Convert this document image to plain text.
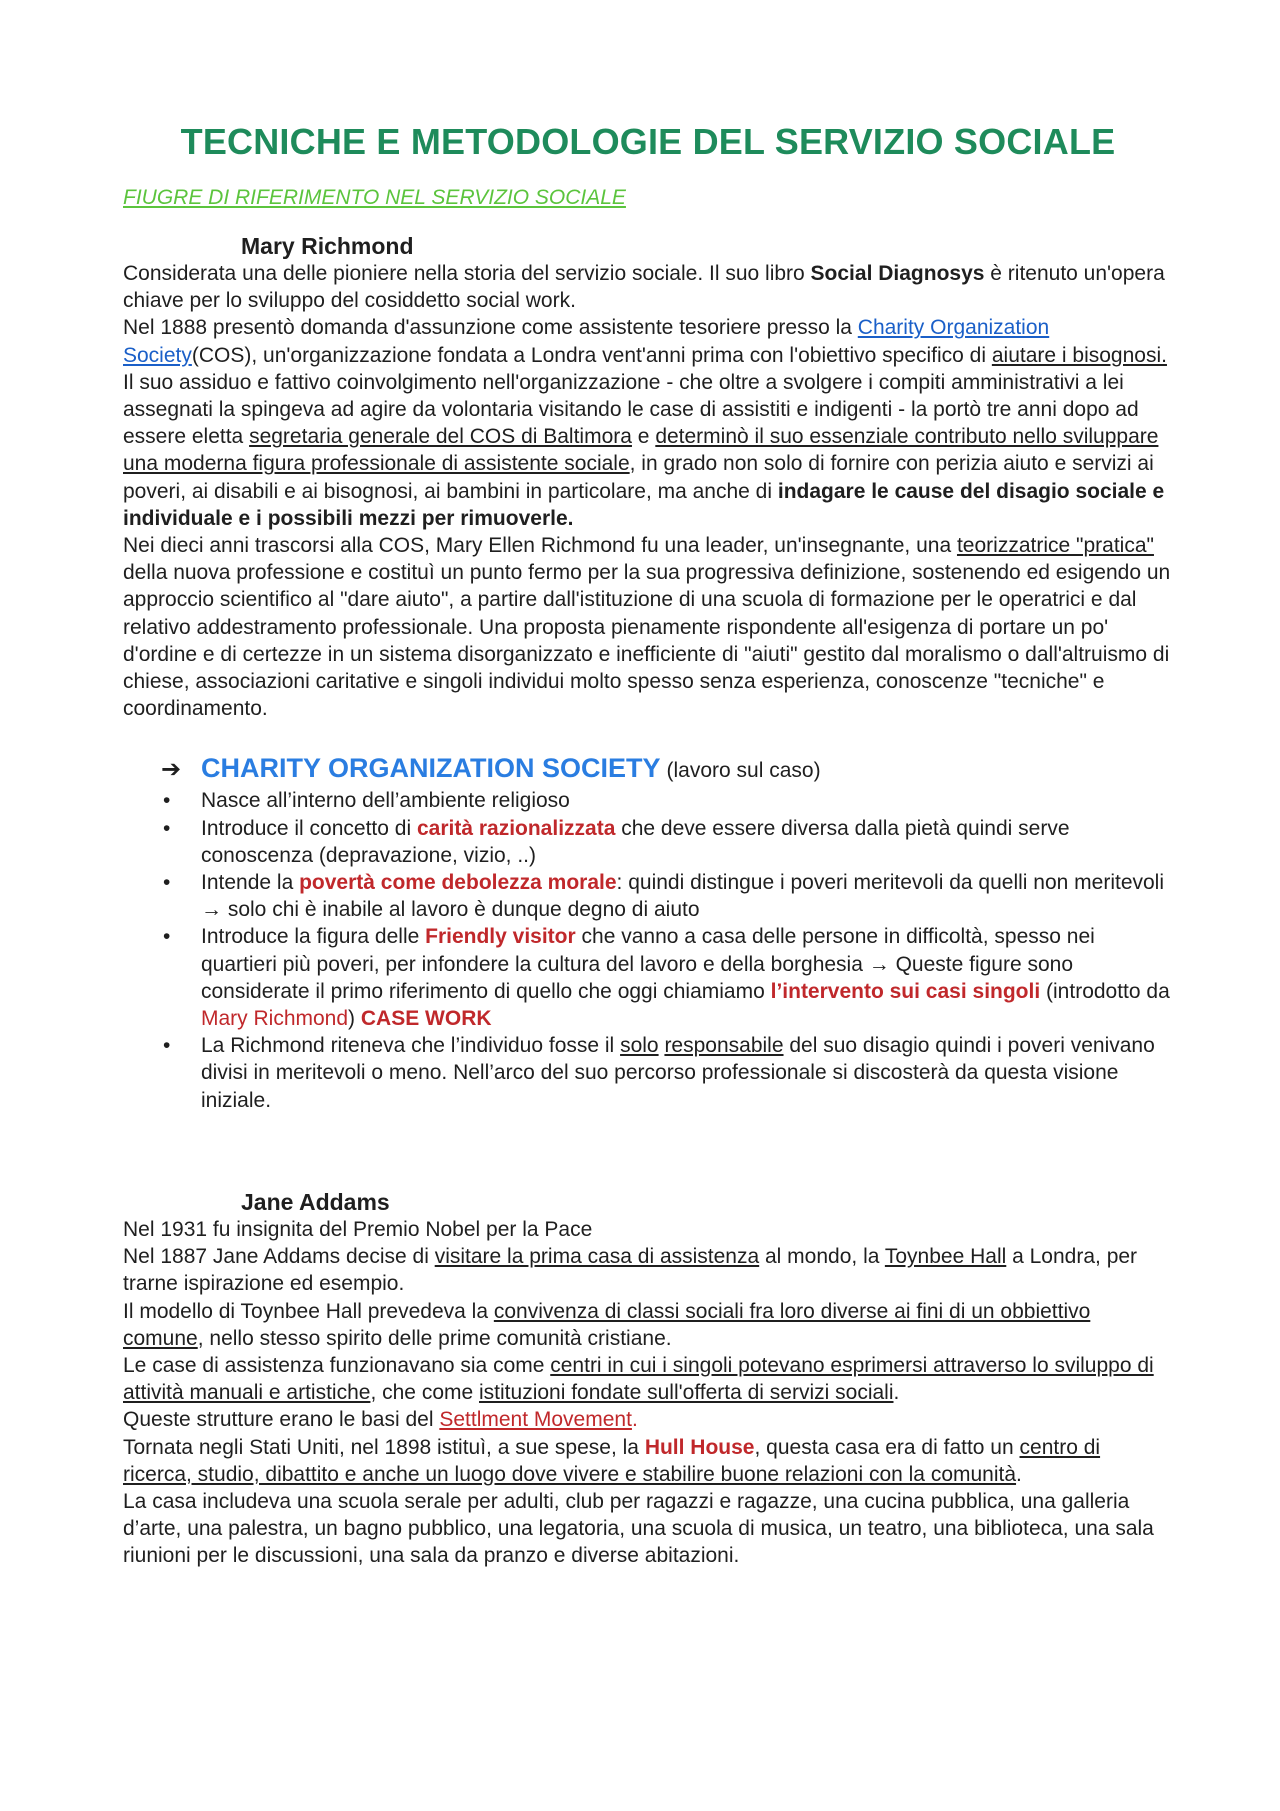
TECNICHE E METODOLOGIE DEL SERVIZIO SOCIALE
FIUGRE DI RIFERIMENTO NEL SERVIZIO SOCIALE
Mary Richmond

Considerata una delle pioniere nella storia del servizio sociale. Il suo libro Social Diagnosys è ritenuto un'opera chiave per lo sviluppo del cosiddetto social work.

Nel 1888 presentò domanda d'assunzione come assistente tesoriere presso la Charity Organization Society(COS), un'organizzazione fondata a Londra vent'anni prima con l'obiettivo specifico di aiutare i bisognosi.

Il suo assiduo e fattivo coinvolgimento nell'organizzazione - che oltre a svolgere i compiti amministrativi a lei assegnati la spingeva ad agire da volontaria visitando le case di assistiti e indigenti - la portò tre anni dopo ad essere eletta segretaria generale del COS di Baltimora e determinò il suo essenziale contributo nello sviluppare una moderna figura professionale di assistente sociale, in grado non solo di fornire con perizia aiuto e servizi ai poveri, ai disabili e ai bisognosi, ai bambini in particolare, ma anche di indagare le cause del disagio sociale e individuale e i possibili mezzi per rimuoverle.

Nei dieci anni trascorsi alla COS, Mary Ellen Richmond fu una leader, un'insegnante, una teorizzatrice "pratica" della nuova professione e costituì un punto fermo per la sua progressiva definizione, sostenendo ed esigendo un approccio scientifico al "dare aiuto", a partire dall'istituzione di una scuola di formazione per le operatrici e dal relativo addestramento professionale. Una proposta pienamente rispondente all'esigenza di portare un po' d'ordine e di certezze in un sistema disorganizzato e inefficiente di "aiuti" gestito dal moralismo o dall'altruismo di chiese, associazioni caritative e singoli individui molto spesso senza esperienza, conoscenze "tecniche" e coordinamento.

➔ CHARITY ORGANIZATION SOCIETY (lavoro sul caso)
• Nasce all’interno dell’ambiente religioso
• Introduce il concetto di carità razionalizzata che deve essere diversa dalla pietà quindi serve conoscenza (depravazione, vizio, ..)
• Intende la povertà come debolezza morale: quindi distingue i poveri meritevoli da quelli non meritevoli → solo chi è inabile al lavoro è dunque degno di aiuto
• Introduce la figura delle Friendly visitor che vanno a casa delle persone in difficoltà, spesso nei quartieri più poveri, per infondere la cultura del lavoro e della borghesia → Queste figure sono considerate il primo riferimento di quello che oggi chiamiamo l’intervento sui casi singoli (introdotto da Mary Richmond) CASE WORK
• La Richmond riteneva che l’individuo fosse il solo responsabile del suo disagio quindi i poveri venivano divisi in meritevoli o meno. Nell’arco del suo percorso professionale si discosterà da questa visione iniziale.
Jane Addams

Nel 1931 fu insignita del Premio Nobel per la Pace

Nel 1887 Jane Addams decise di visitare la prima casa di assistenza al mondo, la Toynbee Hall a Londra, per trarne ispirazione ed esempio.

Il modello di Toynbee Hall prevedeva la convivenza di classi sociali fra loro diverse ai fini di un obbiettivo comune, nello stesso spirito delle prime comunità cristiane.

Le case di assistenza funzionavano sia come centri in cui i singoli potevano esprimersi attraverso lo sviluppo di attività manuali e artistiche, che come istituzioni fondate sull'offerta di servizi sociali.

Queste strutture erano le basi del Settlment Movement.

Tornata negli Stati Uniti, nel 1898 istituì, a sue spese, la Hull House, questa casa era di fatto un centro di ricerca, studio, dibattito e anche un luogo dove vivere e stabilire buone relazioni con la comunità.

La casa includeva una scuola serale per adulti, club per ragazzi e ragazze, una cucina pubblica, una galleria d’arte, una palestra, un bagno pubblico, una legatoria, una scuola di musica, un teatro, una biblioteca, una sala riunioni per le discussioni, una sala da pranzo e diverse abitazioni.
